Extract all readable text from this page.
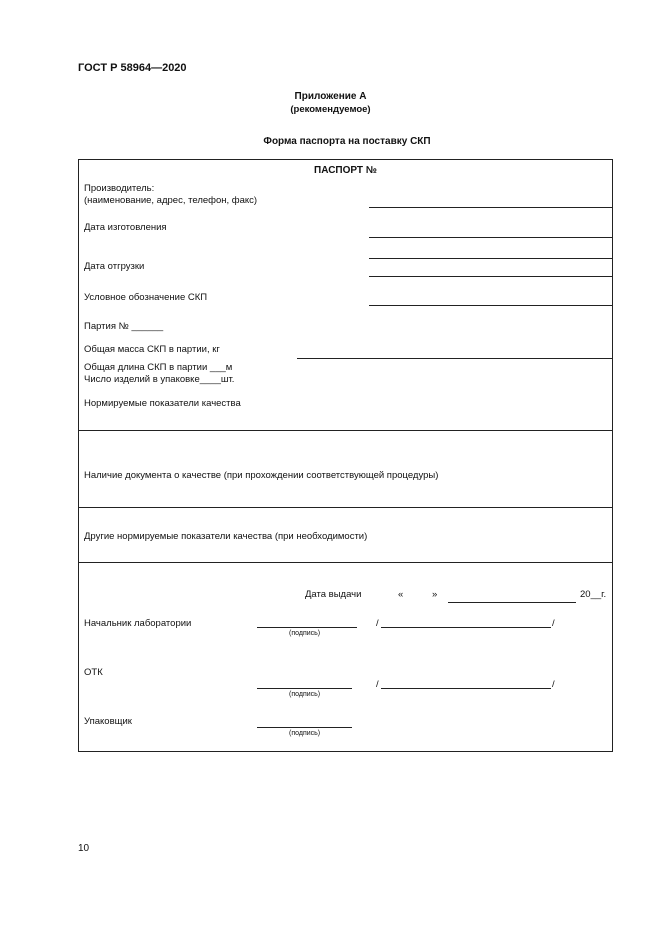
ГОСТ Р 58964—2020
Приложение А
(рекомендуемое)
Форма паспорта на поставку СКП
ПАСПОРТ №
Производитель:
(наименование, адрес, телефон, факс)
Дата изготовления
Дата отгрузки
Условное обозначение СКП
Партия № ______
Общая масса СКП в партии, кг
Общая длина СКП в партии ___м
Число изделий в упаковке____шт.
Нормируемые показатели качества
Наличие документа о качестве (при прохождении соответствующей процедуры)
Другие нормируемые показатели качества (при необходимости)
Дата выдачи	«	»	20__г.
Начальник лаборатории
(подпись)
/	/
ОТК
(подпись)
/	/
Упаковщик
(подпись)
10
